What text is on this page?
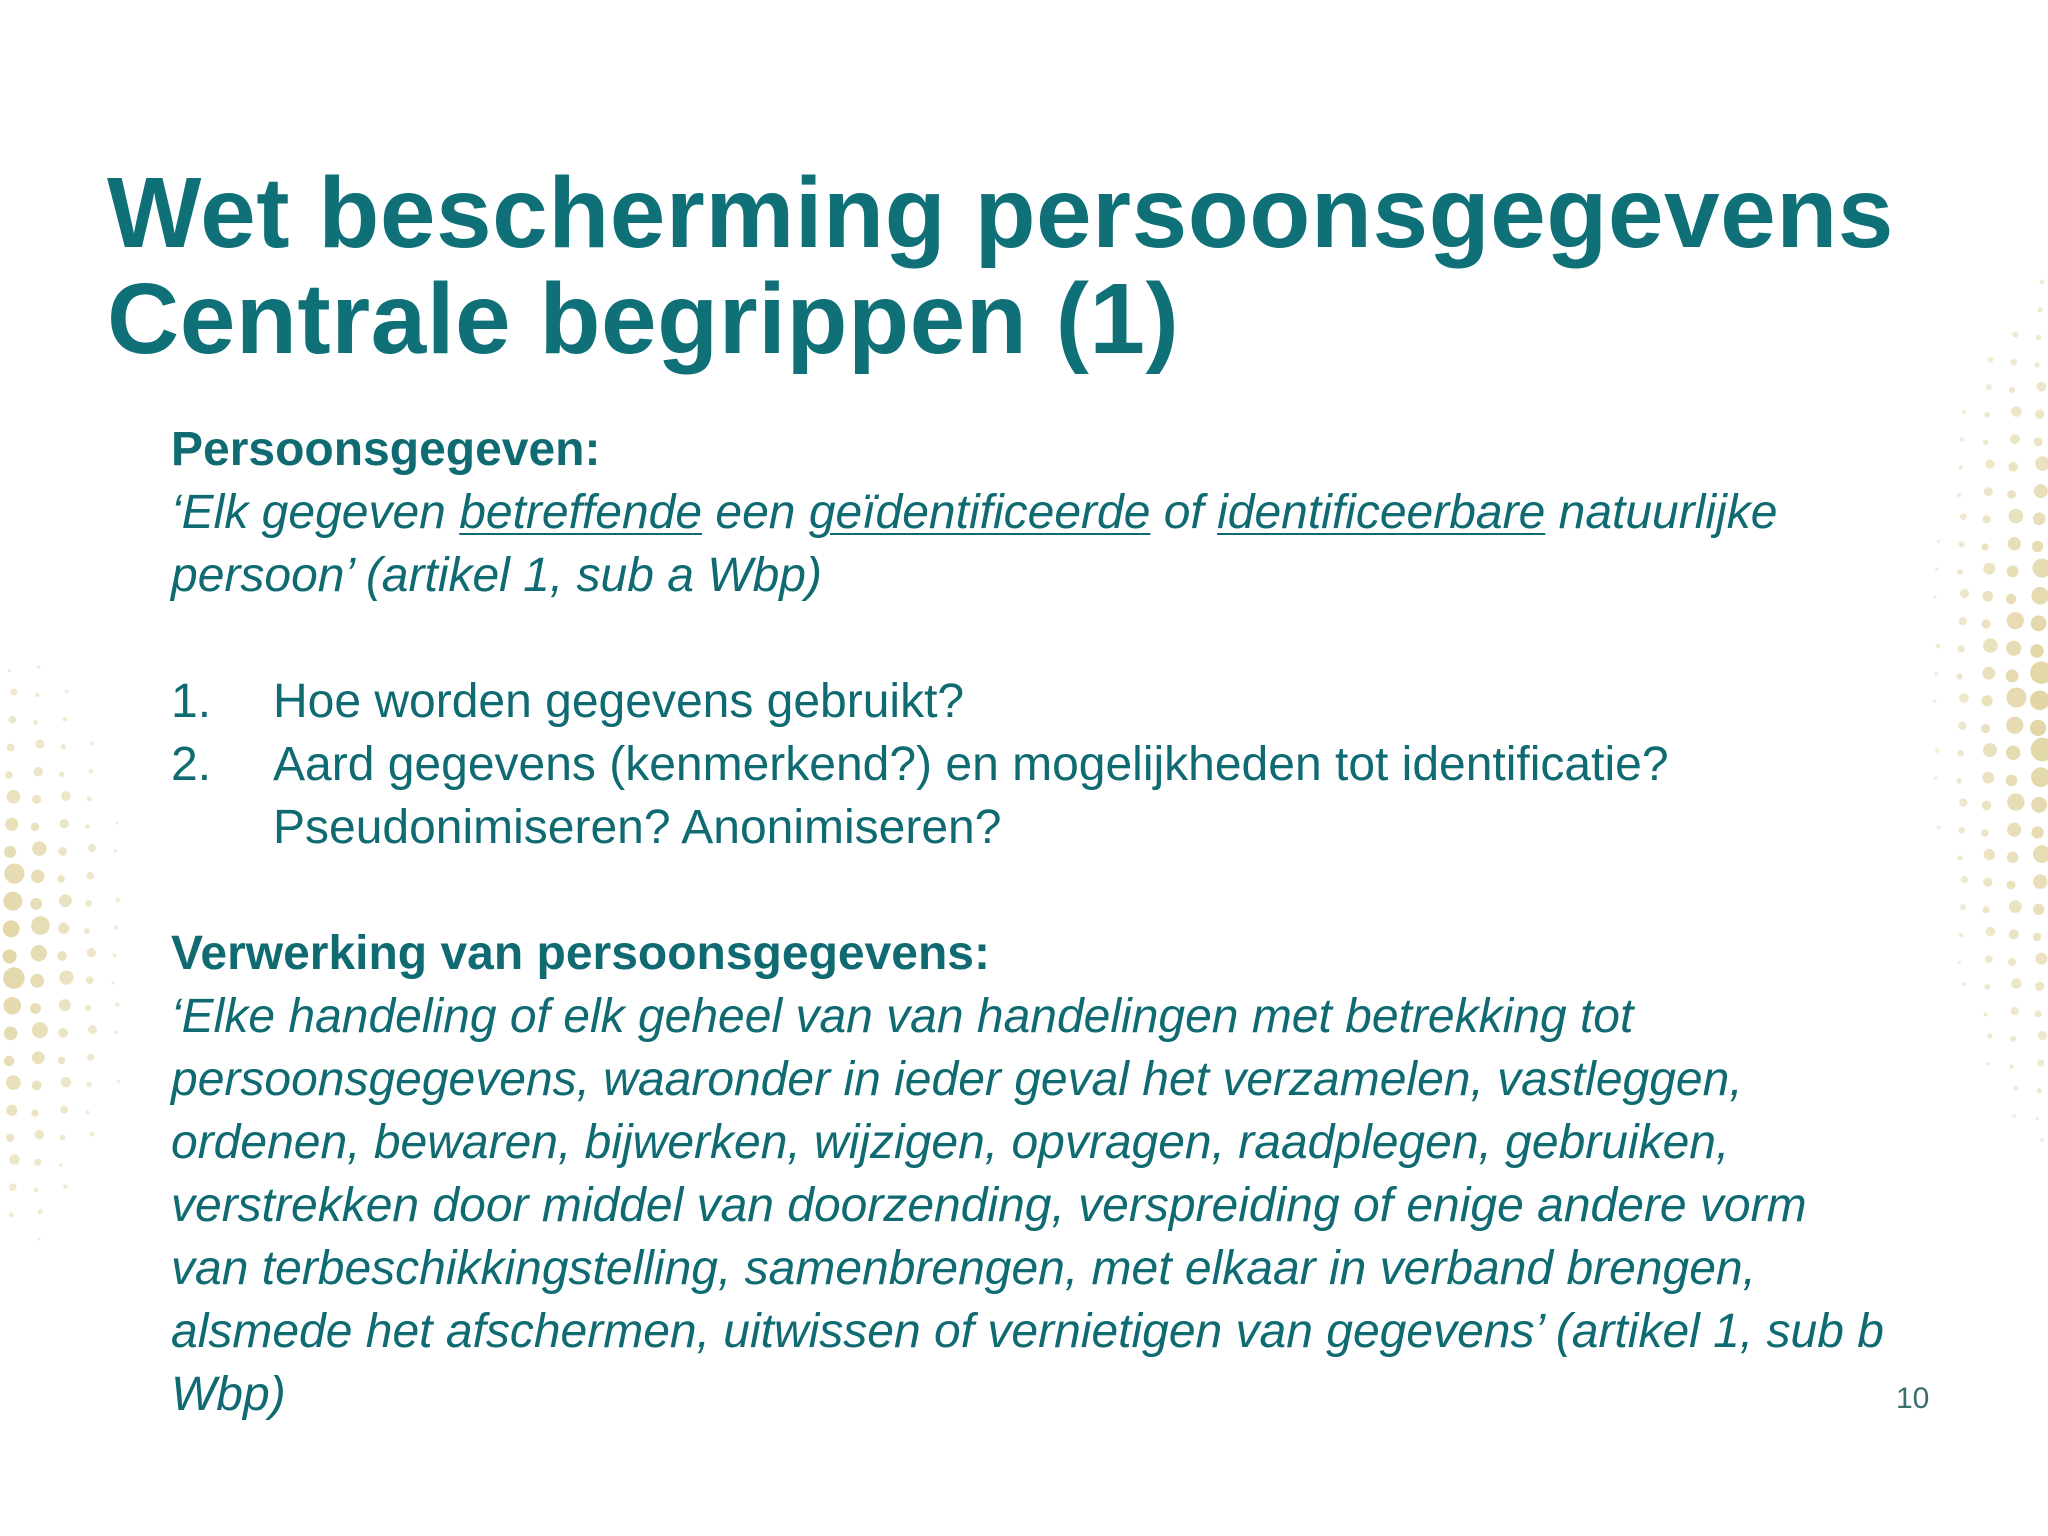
Wet bescherming persoonsgegevens
Centrale begrippen (1)
Persoonsgegeven:
‘Elk gegeven betreffende een geïdentificeerde of identificeerbare natuurlijke persoon’ (artikel 1, sub a Wbp)
1. Hoe worden gegevens gebruikt?
2. Aard gegevens (kenmerkend?) en mogelijkheden tot identificatie? Pseudonimiseren? Anonimiseren?
Verwerking van persoonsgegevens:
‘Elke handeling of elk geheel van van handelingen met betrekking tot persoonsgegevens, waaronder in ieder geval het verzamelen, vastleggen, ordenen, bewaren, bijwerken, wijzigen, opvragen, raadplegen, gebruiken, verstrekken door middel van doorzending, verspreiding of enige andere vorm van terbeschikkingstelling, samenbrengen, met elkaar in verband brengen, alsmede het afschermen, uitwissen of vernietigen van gegevens’ (artikel 1, sub b Wbp)	10
